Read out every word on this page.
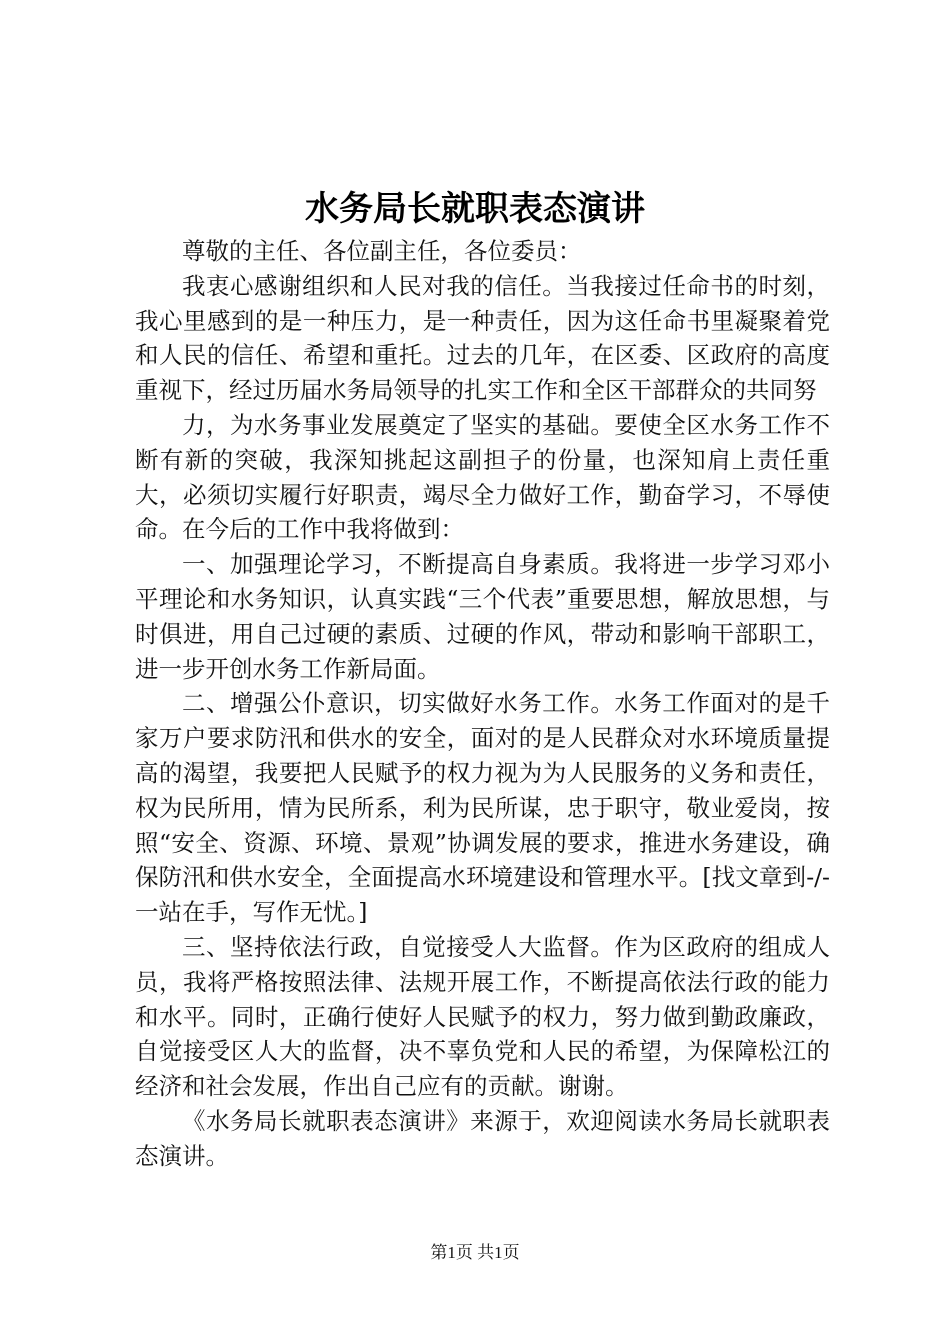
水务局长就职表态演讲

尊敬的主任、各位副主任，各位委员：

我衷心感谢组织和人民对我的信任。当我接过任命书的时刻，我心里感到的是一种压力，是一种责任，因为这任命书里凝聚着党和人民的信任、希望和重托。过去的几年，在区委、区政府的高度重视下，经过历届水务局领导的扎实工作和全区干部群众的共同努

力，为水务事业发展奠定了坚实的基础。要使全区水务工作不断有新的突破，我深知挑起这副担子的份量，也深知肩上责任重大，必须切实履行好职责，竭尽全力做好工作，勤奋学习，不辱使命。在今后的工作中我将做到：

一、加强理论学习，不断提高自身素质。我将进一步学习邓小平理论和水务知识，认真实践“三个代表”重要思想，解放思想，与时俱进，用自己过硬的素质、过硬的作风，带动和影响干部职工，进一步开创水务工作新局面。

二、增强公仆意识，切实做好水务工作。水务工作面对的是千家万户要求防汛和供水的安全，面对的是人民群众对水环境质量提高的渴望，我要把人民赋予的权力视为为人民服务的义务和责任，权为民所用，情为民所系，利为民所谋，忠于职守，敬业爱岗，按照“安全、资源、环境、景观”协调发展的要求，推进水务建设，确保防汛和供水安全，全面提高水环境建设和管理水平。[找文章到-/-一站在手，写作无忧。]

三、坚持依法行政，自觉接受人大监督。作为区政府的组成人员，我将严格按照法律、法规开展工作，不断提高依法行政的能力和水平。同时，正确行使好人民赋予的权力，努力做到勤政廉政，自觉接受区人大的监督，决不辜负党和人民的希望，为保障松江的经济和社会发展，作出自己应有的贡献。谢谢。

《水务局长就职表态演讲》来源于，欢迎阅读水务局长就职表态演讲。

第1页 共1页
